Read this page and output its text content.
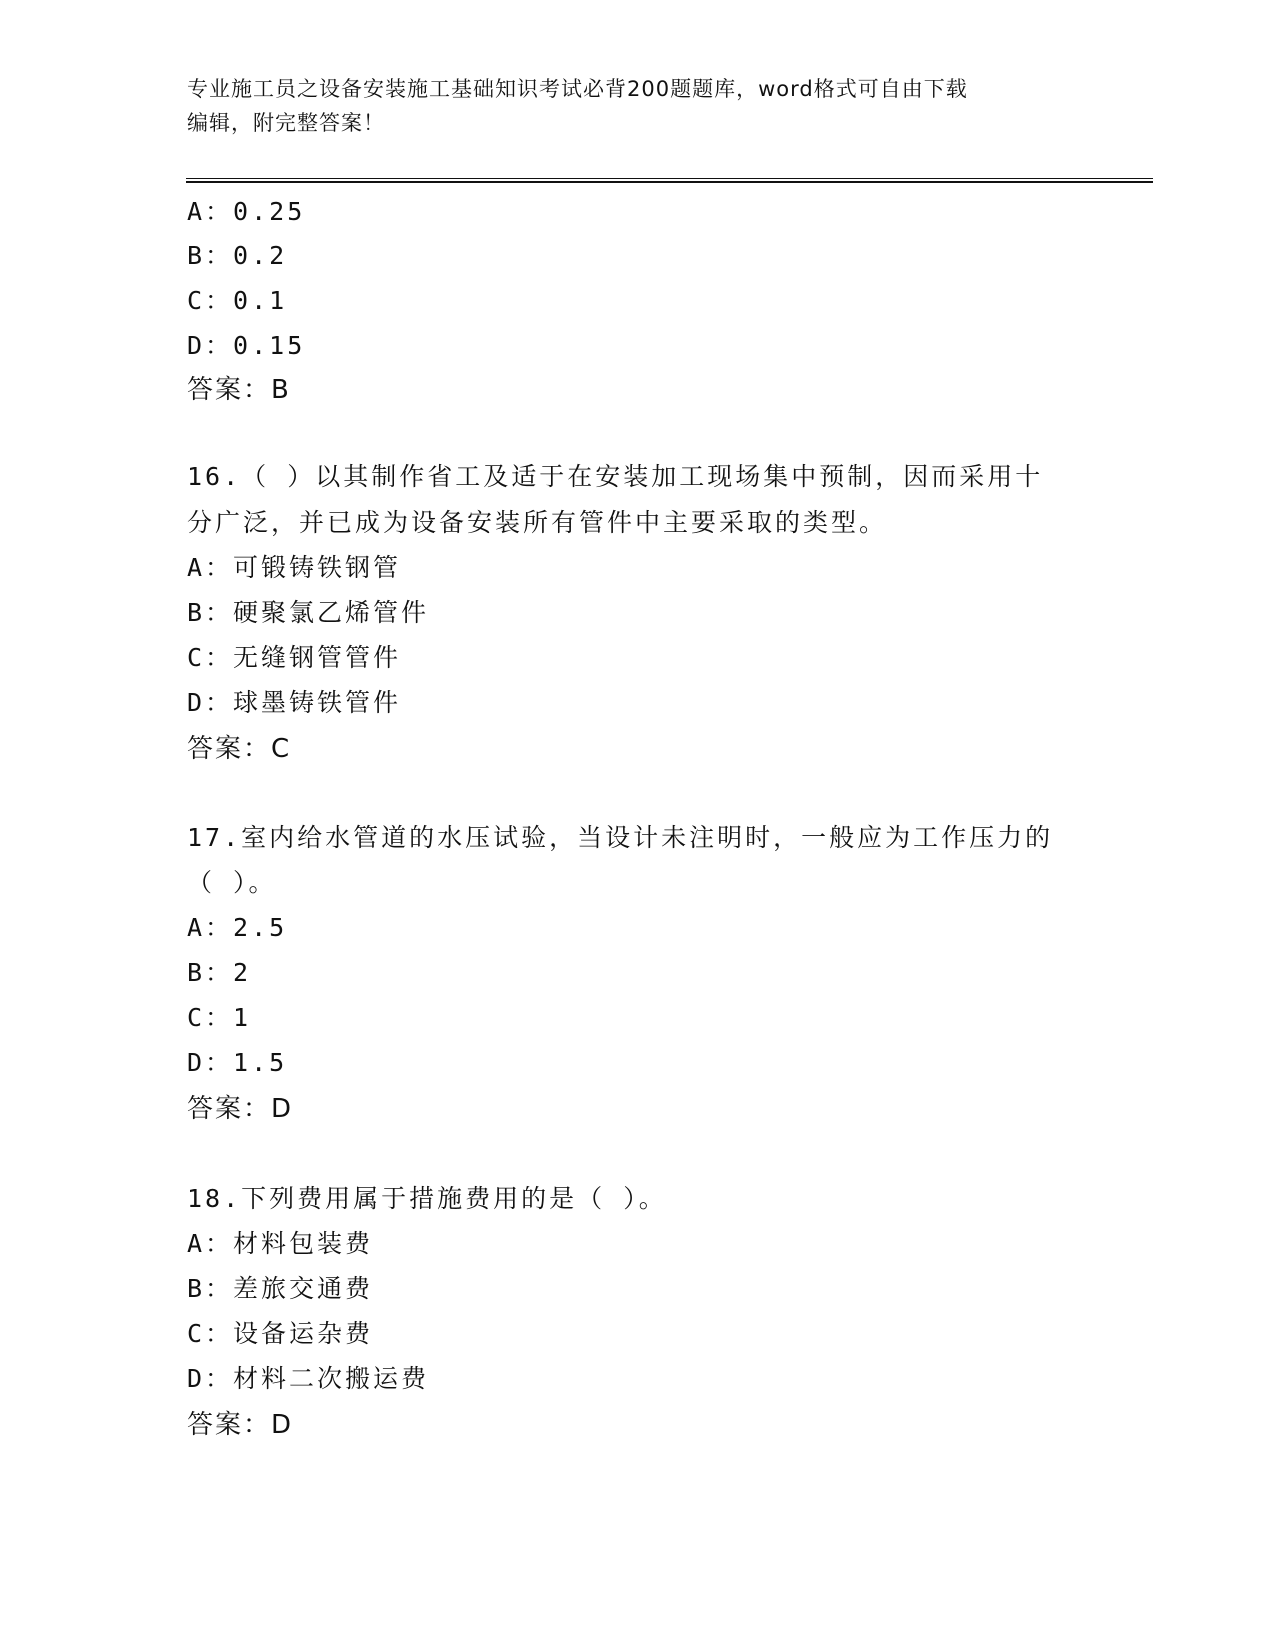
专业施工员之设备安装施工基础知识考试必背200题题库，word格式可自由下载
编辑，附完整答案！
A：0.25
B：0.2
C：0.1
D：0.15
答案：B
16.（ ）以其制作省工及适于在安装加工现场集中预制，因而采用十
分广泛，并已成为设备安装所有管件中主要采取的类型。
A：可锻铸铁钢管
B：硬聚氯乙烯管件
C：无缝钢管管件
D：球墨铸铁管件
答案：C
17.室内给水管道的水压试验，当设计未注明时，一般应为工作压力的
（ ）。
A：2.5
B：2
C：1
D：1.5
答案：D
18.下列费用属于措施费用的是（ ）。
A：材料包装费
B：差旅交通费
C：设备运杂费
D：材料二次搬运费
答案：D
